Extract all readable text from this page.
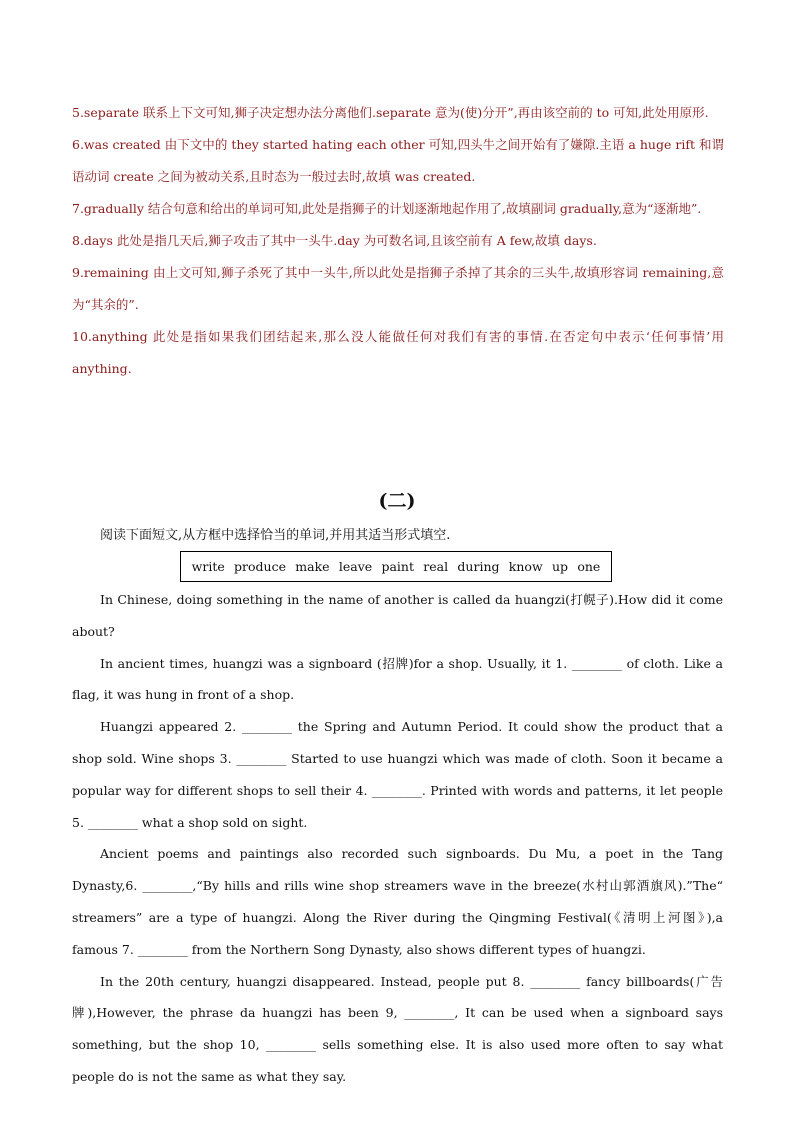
5.separate 联系上下文可知,狮子决定想办法分离他们.separate 意为(使)分开”,再由该空前的 to 可知,此处用原形.

6.was created 由下文中的 they started hating each other 可知,四头牛之间开始有了嫌隙.主语 a huge rift 和谓语动词 create 之间为被动关系,且时态为一般过去时,故填 was created.

7.gradually 结合句意和给出的单词可知,此处是指狮子的计划逐渐地起作用了,故填副词 gradually,意为“逐渐地”.

8.days 此处是指几天后,狮子攻击了其中一头牛.day 为可数名词,且该空前有 A few,故填 days.

9.remaining 由上文可知,狮子杀死了其中一头牛,所以此处是指狮子杀掉了其余的三头牛,故填形容词 remaining,意为“其余的”.

10.anything 此处是指如果我们团结起来,那么没人能做任何对我们有害的事情.在否定句中表示‘任何事情’用 anything.

(二)
阅读下面短文,从方框中选择恰当的单词,并用其适当形式填空.
write produce make leave paint real during know up one

In Chinese, doing something in the name of another is called da huangzi(打幌子).How did it come about?

In ancient times, huangzi was a signboard (招牌)for a shop. Usually, it 1. ________ of cloth. Like a flag, it was hung in front of a shop.

Huangzi appeared 2. ________ the Spring and Autumn Period. It could show the product that a shop sold. Wine shops 3. ________ Started to use huangzi which was made of cloth. Soon it became a popular way for different shops to sell their 4. ________. Printed with words and patterns, it let people 5. ________ what a shop sold on sight.

Ancient poems and paintings also recorded such signboards. Du Mu, a poet in the Tang Dynasty,6. ________,“By hills and rills wine shop streamers wave in the breeze(水村山郭酒旗风).”The“ streamers” are a type of huangzi. Along the River during the Qingming Festival(《清明上河图》),a famous 7. ________ from the Northern Song Dynasty, also shows different types of huangzi.

In the 20th century, huangzi disappeared. Instead, people put 8. ________ fancy billboards(广告牌),However, the phrase da huangzi has been 9, ________, It can be used when a signboard says something, but the shop 10, ________ sells something else. It is also used more often to say what people do is not the same as what they say.
